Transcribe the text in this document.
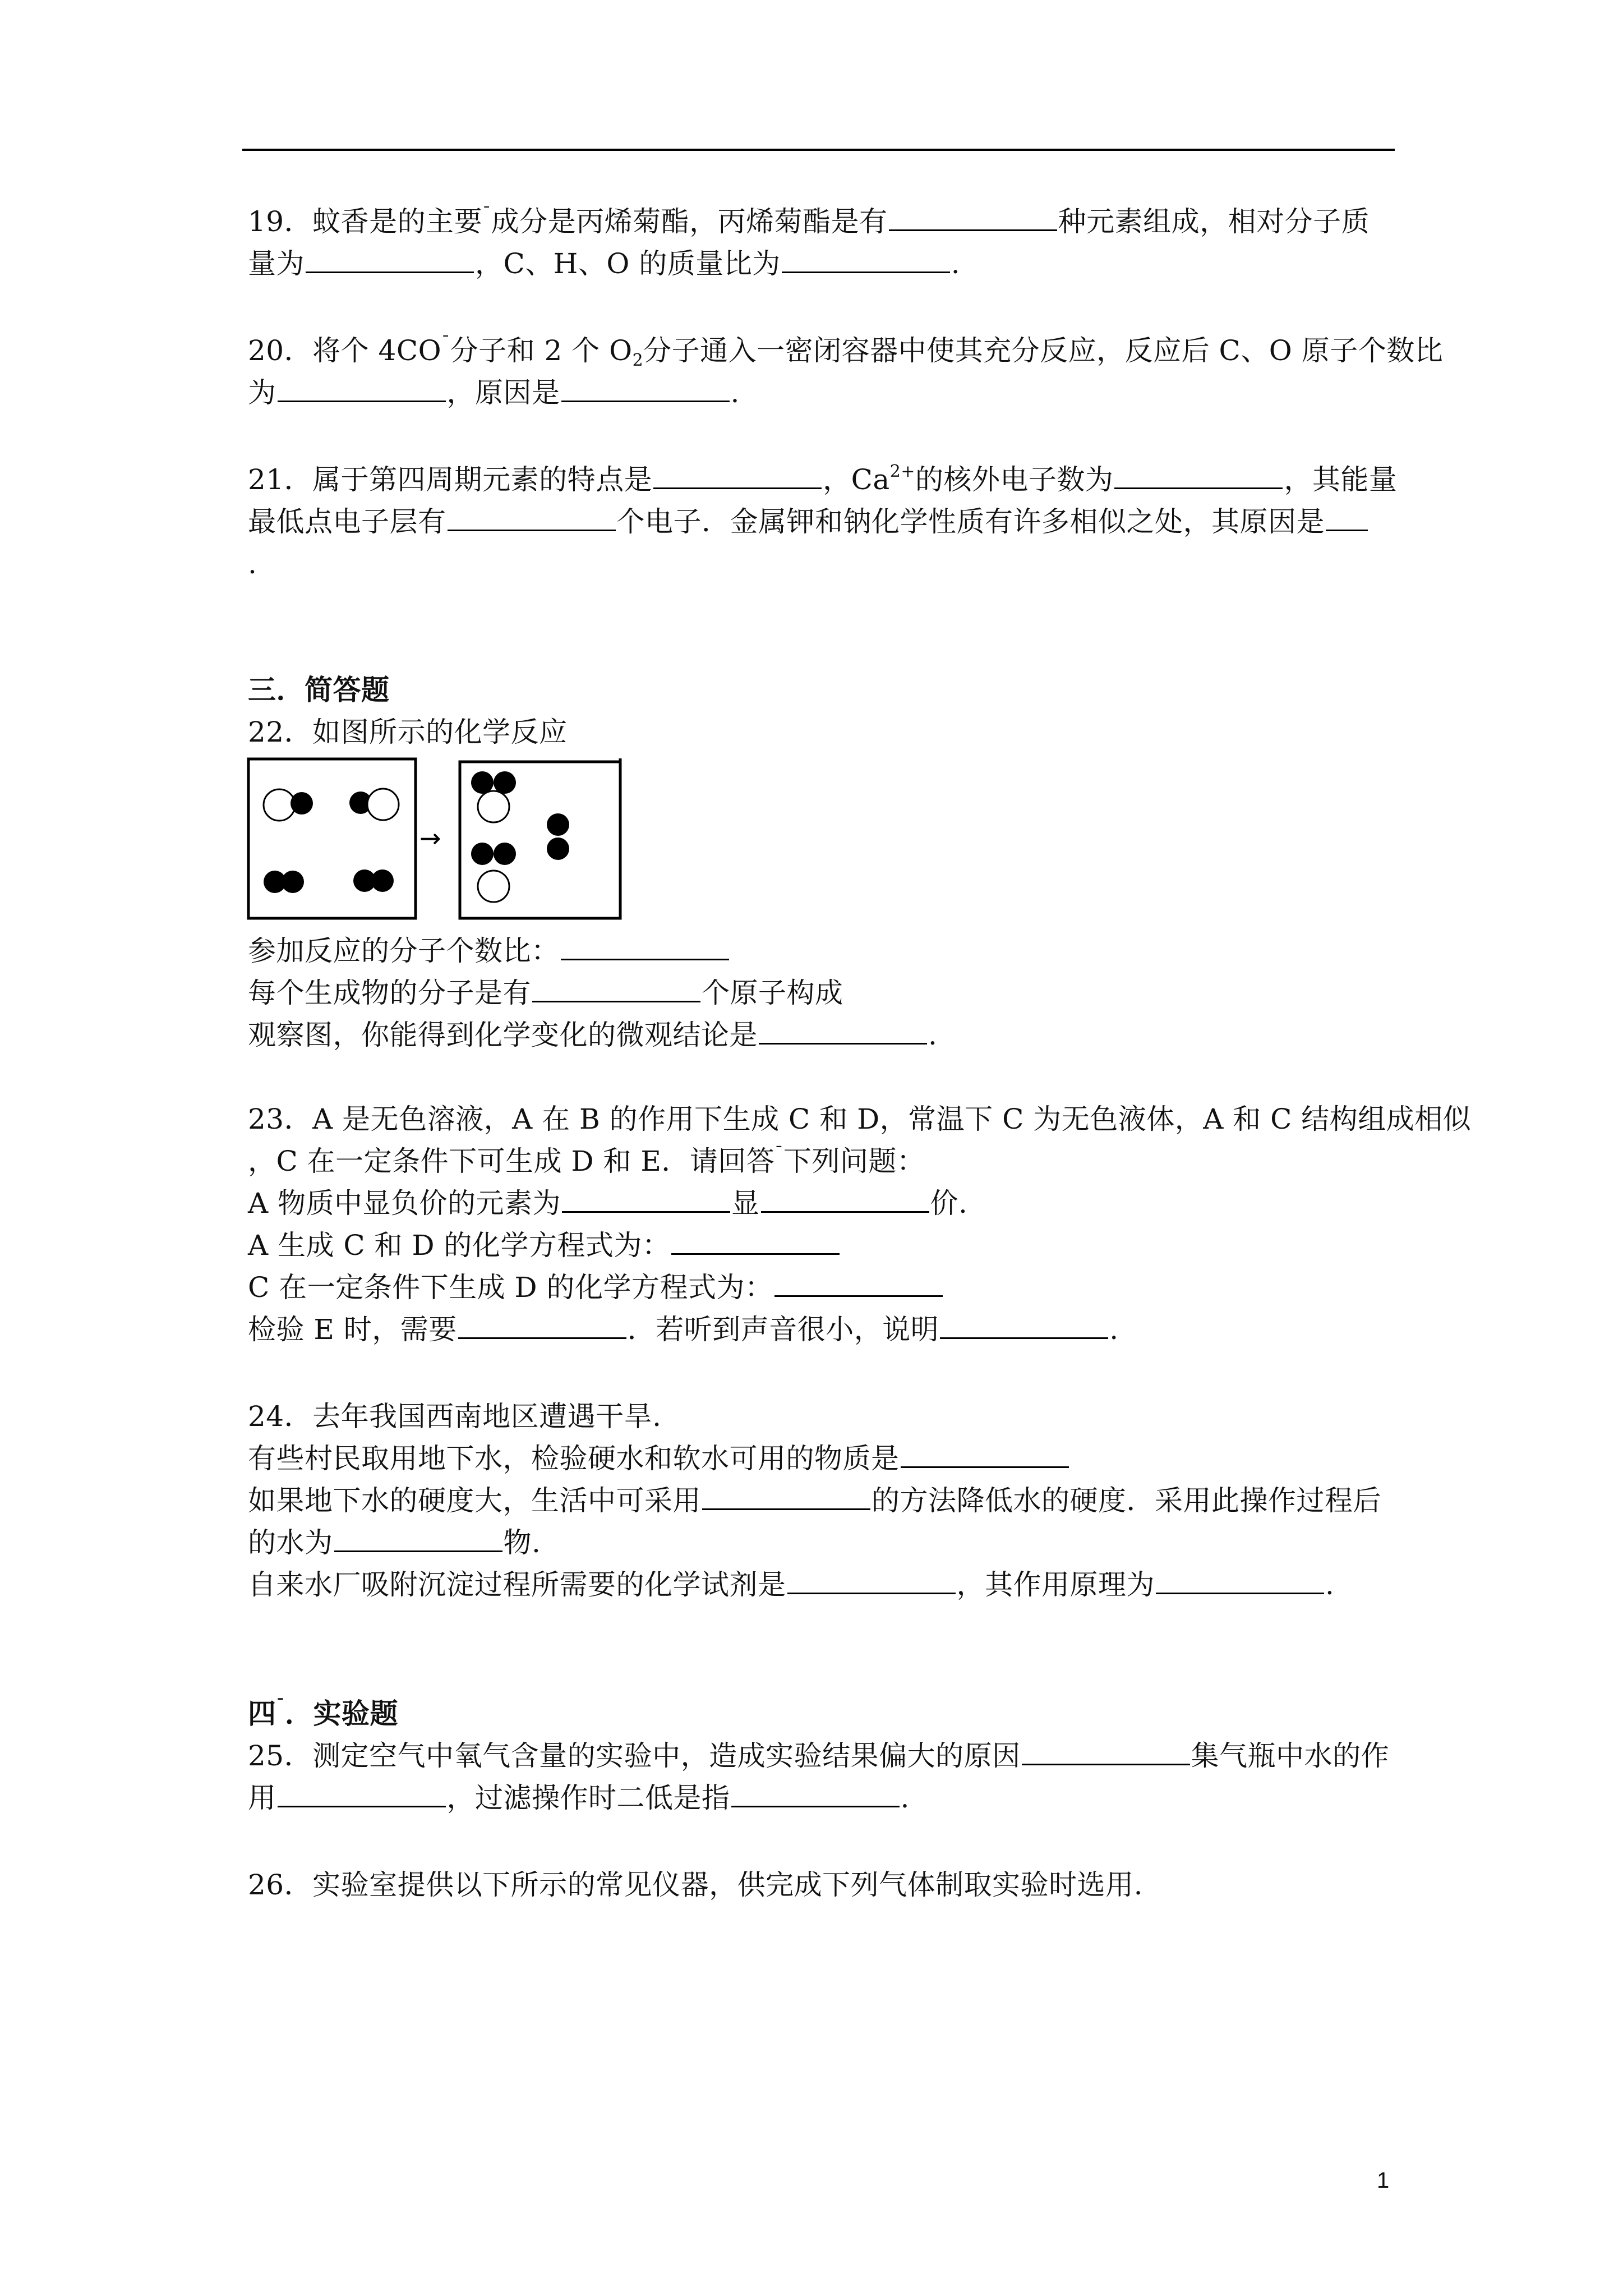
19．蚊香是的主要$^ˉ$成分是丙烯菊酯，丙烯菊酯是有	种元素组成，相对分子质
量为	，C、H、O 的质量比为	.
20．将个 $4CO^ˉ$分子和 2 个 $O_2$分子通入一密闭容器中使其充分反应，反应后 C、O 原子个数比
为	，原因是	.
21．属于第四周期元素的特点是	，$Ca^{2+}$的核外电子数为	，其能量
最低点电子层有	个电子．金属钾和钠化学性质有许多相似之处，其原因是
.
三．简答题
22．如图所示的化学反应
→
参加反应的分子个数比：
每个生成物的分子是有	个原子构成
观察图，你能得到化学变化的微观结论是	.
23．A 是无色溶液，A 在 B 的作用下生成 C 和 D，常温下 C 为无色液体，A 和 C 结构组成相似
，C 在一定条件下可生成 D 和 E．请回答$^ˉ$下列问题：
A 物质中显负价的元素为	显	价.
A 生成 C 和 D 的化学方程式为：
C 在一定条件下生成 D 的化学方程式为：
检验 E 时，需要	．若听到声音很小，说明	.
24．去年我国西南地区遭遇干旱.
有些村民取用地下水，检验硬水和软水可用的物质是
如果地下水的硬度大，生活中可采用	的方法降低水的硬度．采用此操作过程后
的水为	物.
自来水厂吸附沉淀过程所需要的化学试剂是	，其作用原理为	.
四$^ˉ$．实验题
25．测定空气中氧气含量的实验中，造成实验结果偏大的原因	集气瓶中水的作
用	，过滤操作时二低是指	.
26．实验室提供以下所示的常见仪器，供完成下列气体制取实验时选用.
1
